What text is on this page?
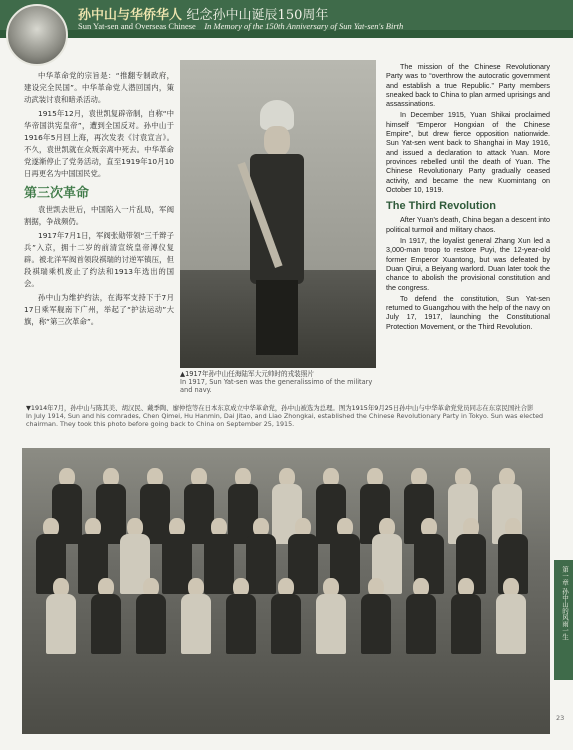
孙中山与华侨华人 纪念孙中山诞辰150周年
Sun Yat-sen and Overseas Chinese In Memory of the 150th Anniversary of Sun Yat-sen's Birth

中华革命党的宗旨是：“推翻专制政府，建设完全民国”。中华革命党人潜回国内，策动武装讨袁和暗杀活动。

1915年12月，袁世凯复辟帝制，自称“中华帝国洪宪皇帝”，遭到全国反对。孙中山于1916年5月回上海，再次发表《讨袁宣言》。不久，袁世凯就在众叛亲离中死去。中华革命党遂渐停止了党务活动，直至1919年10月10日再更名为中国国民党。

第三次革命

袁世凯去世后，中国陷入一片乱局，军阀割据，争战频仍。

1917年7月1日，军阀张勋带领“三千辫子兵”入京，拥十二岁的前清宣统皇帝溥仪复辟。被北洋军阀首领段祺瑞的讨逆军镇压，但段祺瑞乘机废止了约法和1913年选出的国会。

孙中山为维护约法，在海军支持下于7月17日乘军舰南下广州，举起了“护法运动”大旗，称“第三次革命”。

▲1917年孙中山任海陆军大元帅时的戎装照片
In 1917, Sun Yat-sen was the generalissimo of the military and navy.

The mission of the Chinese Revolutionary Party was to “overthrow the autocratic government and establish a true Republic.” Party members sneaked back to China to plan armed uprisings and assassinations.

In December 1915, Yuan Shikai proclaimed himself “Emperor Hongxian of the Chinese Empire”, but drew fierce opposition nationwide. Sun Yat-sen went back to Shanghai in May 1916, and issued a declaration to attack Yuan. More provinces rebelled until the death of Yuan. The Chinese Revolutionary Party gradually ceased activity, and became the new Kuomintang on October 10, 1919.

The Third Revolution

After Yuan's death, China began a descent into political turmoil and military chaos.

In 1917, the loyalist general Zhang Xun led a 3,000-man troop to restore Puyi, the 12-year-old former Emperor Xuantong, but was defeated by Duan Qirui, a Beiyang warlord. Duan later took the chance to abolish the provisional constitution and the congress.

To defend the constitution, Sun Yat-sen returned to Guangzhou with the help of the navy on July 17, 1917, launching the Constitutional Protection Movement, or the Third Revolution.

▼1914年7月，孙中山与陈其美、胡汉民、戴季陶、廖仲恺等在日本东京成立中华革命党，孙中山被选为总理。图为1915年9月25日孙中山与中华革命党党员同志在东京民国社合影
In July 1914, Sun and his comrades, Chen Qimei, Hu Hanmin, Dai Jitao, and Liao Zhongkai, established the Chinese Revolutionary Party in Tokyo. Sun was elected chairman. They took this photo before going back to China on September 25, 1915.
第一章 孙中山的风雨一生
23
